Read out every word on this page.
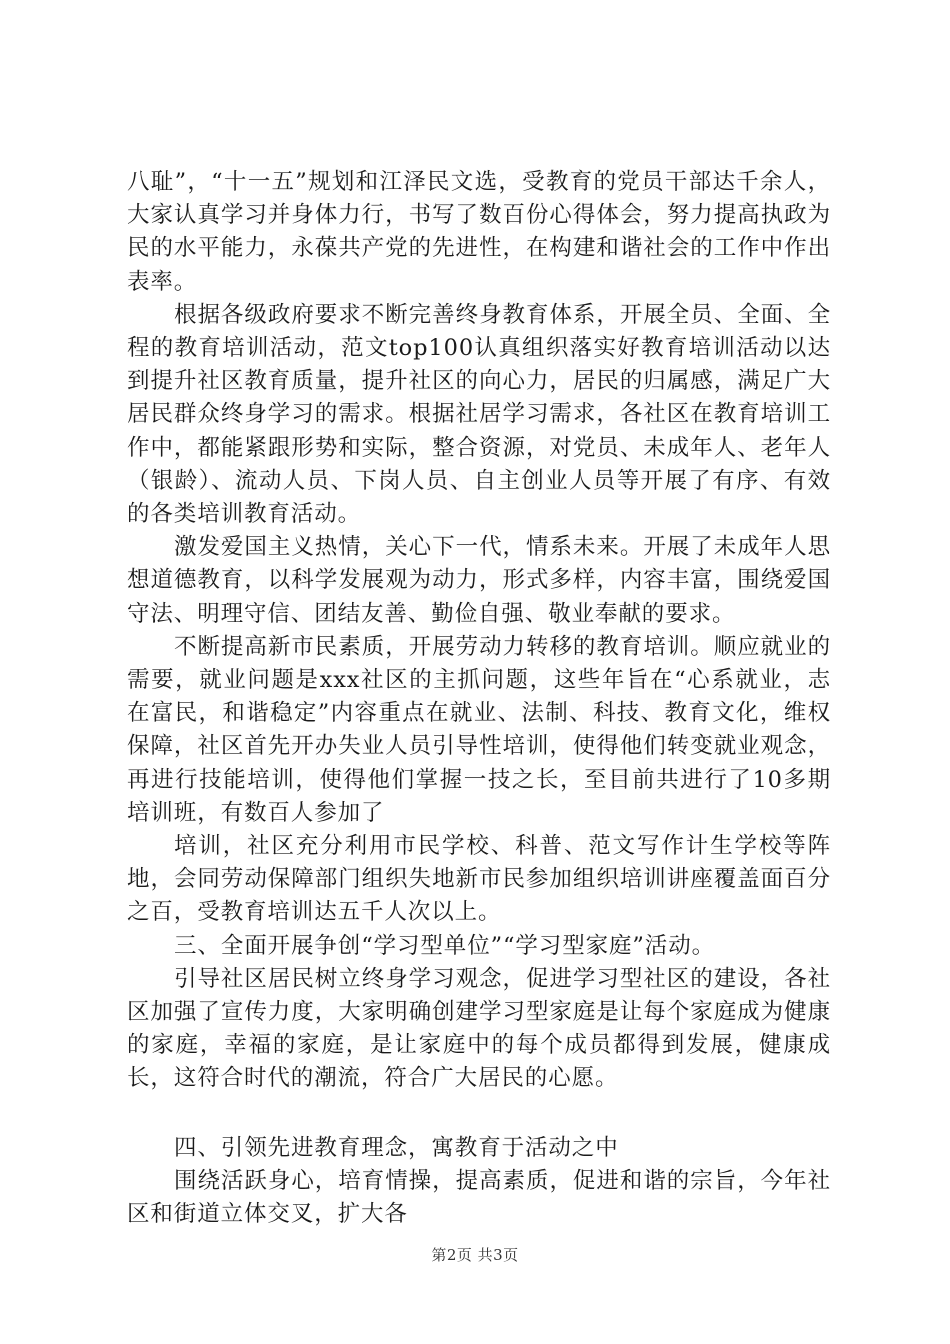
八耻”，“十一五”规划和江泽民文选，受教育的党员干部达千余人，大家认真学习并身体力行，书写了数百份心得体会，努力提高执政为民的水平能力，永葆共产党的先进性，在构建和谐社会的工作中作出表率。

根据各级政府要求不断完善终身教育体系，开展全员、全面、全程的教育培训活动，范文top100认真组织落实好教育培训活动以达到提升社区教育质量，提升社区的向心力，居民的归属感，满足广大居民群众终身学习的需求。根据社居学习需求，各社区在教育培训工作中，都能紧跟形势和实际，整合资源，对党员、未成年人、老年人（银龄）、流动人员、下岗人员、自主创业人员等开展了有序、有效的各类培训教育活动。

激发爱国主义热情，关心下一代，情系未来。开展了未成年人思想道德教育，以科学发展观为动力，形式多样，内容丰富，围绕爱国守法、明理守信、团结友善、勤俭自强、敬业奉献的要求。

不断提高新市民素质，开展劳动力转移的教育培训。顺应就业的需要，就业问题是xxx社区的主抓问题，这些年旨在“心系就业，志在富民，和谐稳定”内容重点在就业、法制、科技、教育文化，维权保障，社区首先开办失业人员引导性培训，使得他们转变就业观念，再进行技能培训，使得他们掌握一技之长，至目前共进行了10多期培训班，有数百人参加了

培训，社区充分利用市民学校、科普、范文写作计生学校等阵地，会同劳动保障部门组织失地新市民参加组织培训讲座覆盖面百分之百，受教育培训达五千人次以上。

三、全面开展争创“学习型单位”“学习型家庭”活动。

引导社区居民树立终身学习观念，促进学习型社区的建设，各社区加强了宣传力度，大家明确创建学习型家庭是让每个家庭成为健康的家庭，幸福的家庭，是让家庭中的每个成员都得到发展，健康成长，这符合时代的潮流，符合广大居民的心愿。

四、引领先进教育理念，寓教育于活动之中

围绕活跃身心，培育情操，提高素质，促进和谐的宗旨，今年社区和街道立体交叉，扩大各

第2页 共3页
